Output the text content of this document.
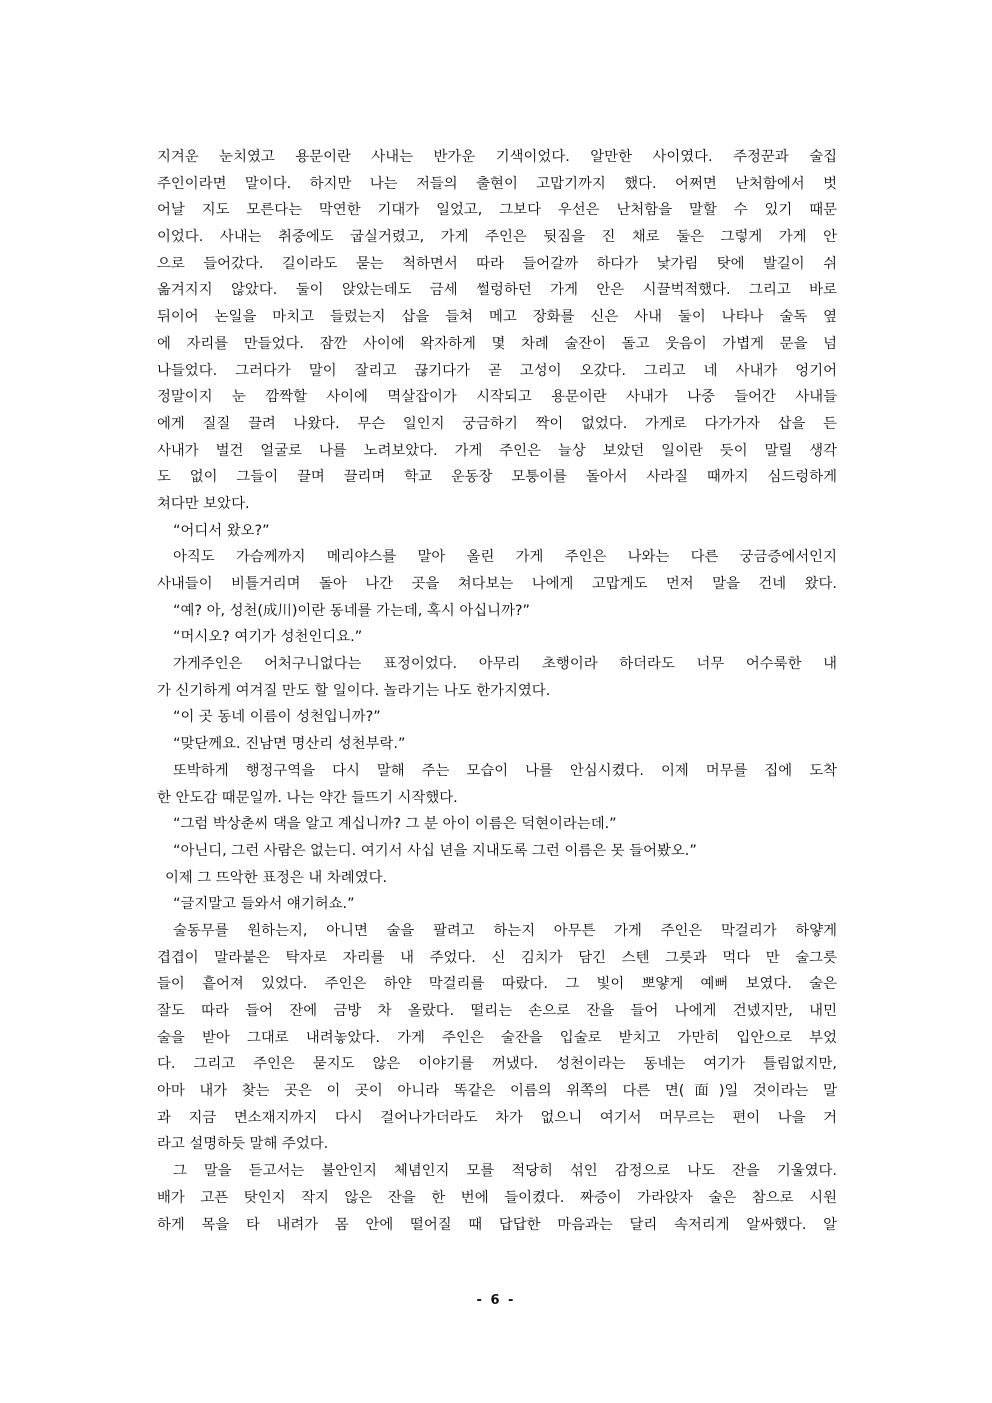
지겨운 눈치였고 용문이란 사내는 반가운 기색이었다. 알만한 사이였다. 주정꾼과 술집
주인이라면 말이다. 하지만 나는 저들의 출현이 고맙기까지 했다. 어쩌면 난처함에서 벗
어날 지도 모른다는 막연한 기대가 일었고, 그보다 우선은 난처함을 말할 수 있기 때문
이었다. 사내는 취중에도 굽실거렸고, 가게 주인은 뒷짐을 진 채로 둘은 그렇게 가게 안
으로 들어갔다. 길이라도 묻는 척하면서 따라 들어갈까 하다가 낯가림 탓에 발길이 쉬
옮겨지지 않았다. 둘이 앉았는데도 금세 썰렁하던 가게 안은 시끌벅적했다. 그리고 바로
뒤이어 논일을 마치고 들렀는지 삽을 들쳐 메고 장화를 신은 사내 둘이 나타나 술독 옆
에 자리를 만들었다. 잠깐 사이에 왁자하게 몇 차례 술잔이 돌고 웃음이 가볍게 문을 넘
나들었다. 그러다가 말이 잘리고 끊기다가 곧 고성이 오갔다. 그리고 네 사내가 엉기어
정말이지 눈 깜짝할 사이에 멱살잡이가 시작되고 용문이란 사내가 나중 들어간 사내들
에게 질질 끌려 나왔다. 무슨 일인지 궁금하기 짝이 없었다. 가게로 다가가자 삽을 든
사내가 벌건 얼굴로 나를 노려보았다. 가게 주인은 늘상 보았던 일이란 듯이 말릴 생각
도 없이 그들이 끌며 끌리며 학교 운동장 모퉁이를 돌아서 사라질 때까지 심드렁하게
쳐다만 보았다.
“어디서 왔오?”
아직도 가슴께까지 메리야스를 말아 올린 가게 주인은 나와는 다른 궁금증에서인지
사내들이 비틀거리며 돌아 나간 곳을 쳐다보는 나에게 고맙게도 먼저 말을 건네 왔다.
“예? 아, 성천(成川)이란 동네를 가는데, 혹시 아십니까?”
“머시오? 여기가 성천인디요.”
가게주인은 어처구니없다는 표정이었다. 아무리 초행이라 하더라도 너무 어수룩한 내
가 신기하게 여겨질 만도 할 일이다. 놀라기는 나도 한가지였다.
“이 곳 동네 이름이 성천입니까?”
“맞단께요. 진남면 명산리 성천부락.”
또박하게 행정구역을 다시 말해 주는 모습이 나를 안심시켰다. 이제 머무를 집에 도착
한 안도감 때문일까. 나는 약간 들뜨기 시작했다.
“그럼 박상춘씨 댁을 알고 계십니까? 그 분 아이 이름은 덕현이라는데.”
“아닌디, 그런 사람은 없는디. 여기서 사십 년을 지내도록 그런 이름은 못 들어봤오.”
이제 그 뜨악한 표정은 내 차례였다.
“글지말고 들와서 얘기허쇼.”
술동무를 원하는지, 아니면 술을 팔려고 하는지 아무튼 가게 주인은 막걸리가 하얗게
겹겹이 말라붙은 탁자로 자리를 내 주었다. 신 김치가 담긴 스텐 그릇과 먹다 만 술그릇
들이 흩어져 있었다. 주인은 하얀 막걸리를 따랐다. 그 빛이 뽀얗게 예뻐 보였다. 술은
잘도 따라 들어 잔에 금방 차 올랐다. 떨리는 손으로 잔을 들어 나에게 건넸지만, 내민
술을 받아 그대로 내려놓았다. 가게 주인은 술잔을 입술로 받치고 가만히 입안으로 부었
다. 그리고 주인은 묻지도 않은 이야기를 꺼냈다. 성천이라는 동네는 여기가 틀림없지만,
아마 내가 찾는 곳은 이 곳이 아니라 똑같은 이름의 위쪽의 다른 면(面)일 것이라는 말
과 지금 면소재지까지 다시 걸어나가더라도 차가 없으니 여기서 머무르는 편이 나을 거
라고 설명하듯 말해 주었다.
그 말을 듣고서는 불안인지 체념인지 모를 적당히 섞인 감정으로 나도 잔을 기울였다.
배가 고픈 탓인지 작지 않은 잔을 한 번에 들이켰다. 짜증이 가라앉자 술은 참으로 시원
하게 목을 타 내려가 몸 안에 떨어질 때 답답한 마음과는 달리 속저리게 알싸했다. 알
- 6 -
